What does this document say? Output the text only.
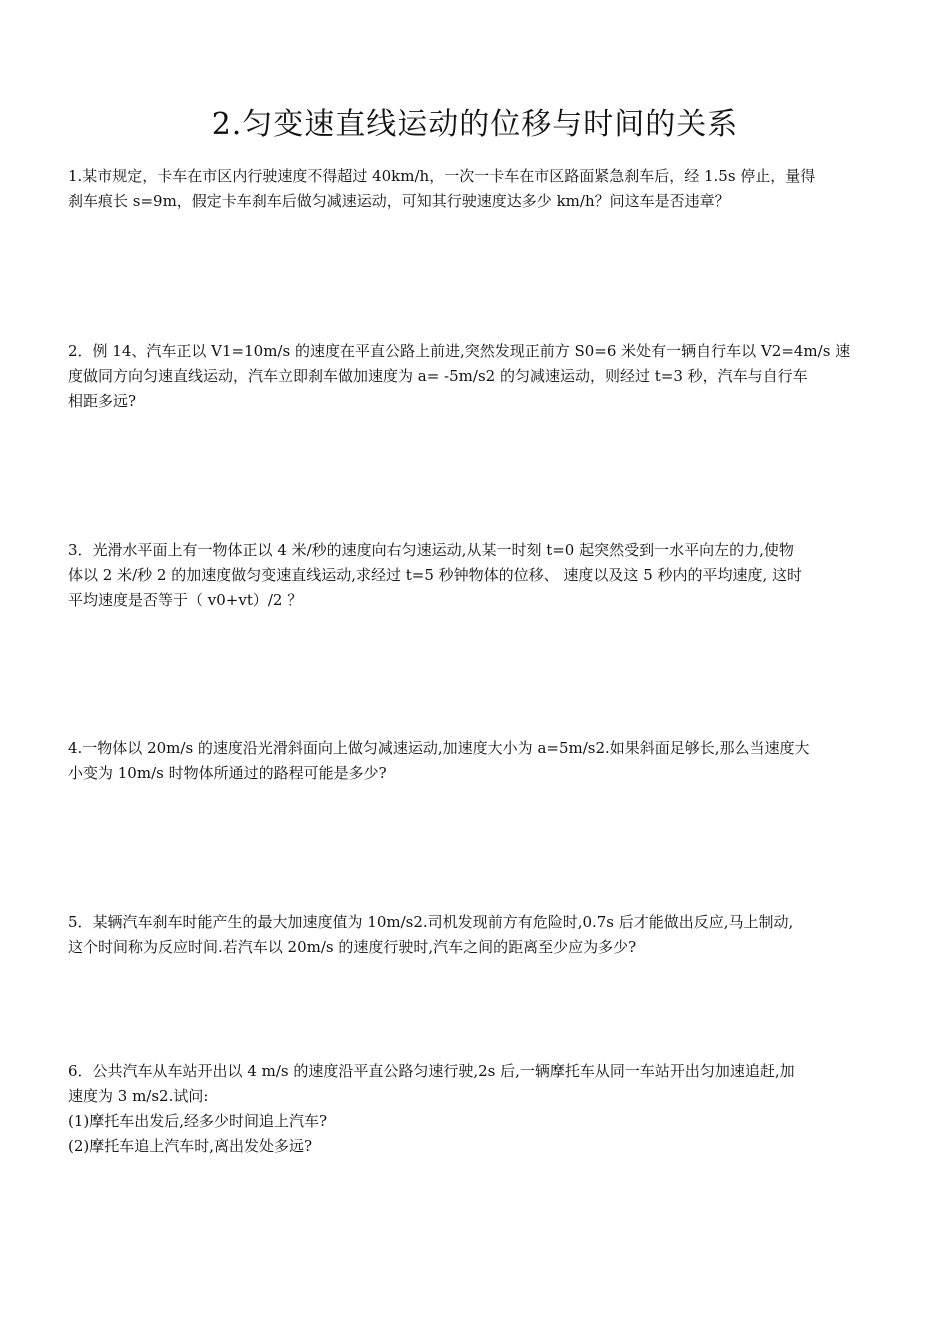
2.匀变速直线运动的位移与时间的关系

1.某市规定，卡车在市区内行驶速度不得超过 40km/h，一次一卡车在市区路面紧急刹车后，经 1.5s 停止，量得

刹车痕长 s=9m，假定卡车刹车后做匀减速运动，可知其行驶速度达多少 km/h？问这车是否违章？

2．例 14、汽车正以 V1=10m/s 的速度在平直公路上前进,突然发现正前方 S0=6 米处有一辆自行车以 V2=4m/s 速

度做同方向匀速直线运动，汽车立即刹车做加速度为 a= -5m/s2 的匀减速运动，则经过 t=3 秒，汽车与自行车

相距多远?

3．光滑水平面上有一物体正以 4 米/秒的速度向右匀速运动,从某一时刻 t=0 起突然受到一水平向左的力,使物

体以 2 米/秒 2 的加速度做匀变速直线运动,求经过 t=5 秒钟物体的位移、 速度以及这 5 秒内的平均速度, 这时

平均速度是否等于（ v0+vt）/2 ？

4.一物体以 20m/s 的速度沿光滑斜面向上做匀减速运动,加速度大小为 a=5m/s2.如果斜面足够长,那么当速度大

小变为 10m/s 时物体所通过的路程可能是多少?

5．某辆汽车刹车时能产生的最大加速度值为 10m/s2.司机发现前方有危险时,0.7s 后才能做出反应,马上制动,

这个时间称为反应时间.若汽车以 20m/s 的速度行驶时,汽车之间的距离至少应为多少?

6．公共汽车从车站开出以 4 m/s 的速度沿平直公路匀速行驶,2s 后,一辆摩托车从同一车站开出匀加速追赶,加

速度为 3 m/s2.试问:

(1)摩托车出发后,经多少时间追上汽车?

(2)摩托车追上汽车时,离出发处多远?
